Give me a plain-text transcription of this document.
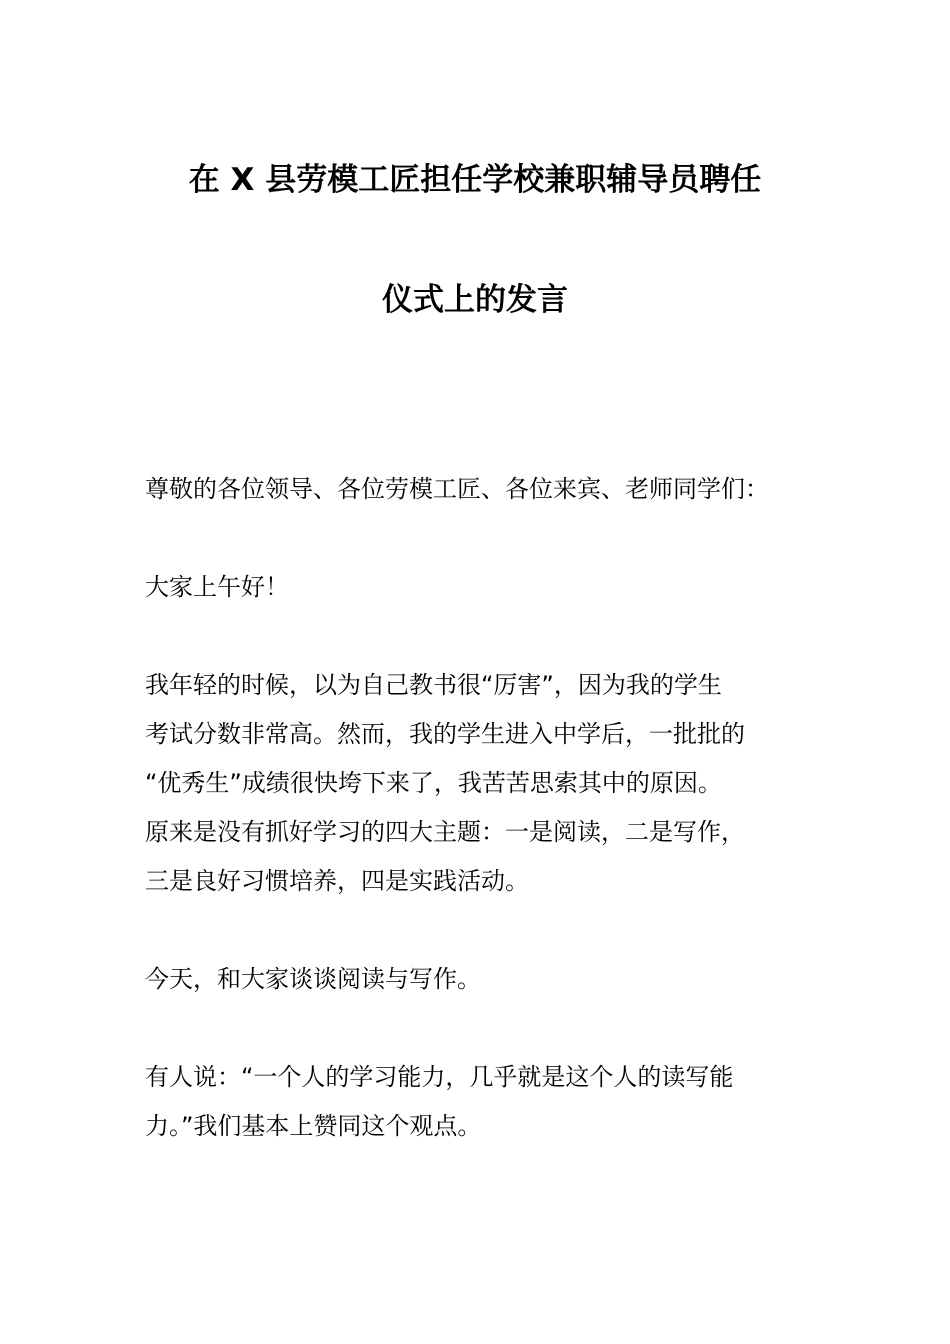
在 X 县劳模工匠担任学校兼职辅导员聘任
仪式上的发言
尊敬的各位领导、各位劳模工匠、各位来宾、老师同学们：
大家上午好！
我年轻的时候，以为自己教书很“厉害”，因为我的学生
考试分数非常高。然而，我的学生进入中学后，一批批的
“优秀生”成绩很快垮下来了，我苦苦思索其中的原因。
原来是没有抓好学习的四大主题：一是阅读，二是写作，
三是良好习惯培养，四是实践活动。
今天，和大家谈谈阅读与写作。
有人说：“一个人的学习能力，几乎就是这个人的读写能
力。”我们基本上赞同这个观点。
